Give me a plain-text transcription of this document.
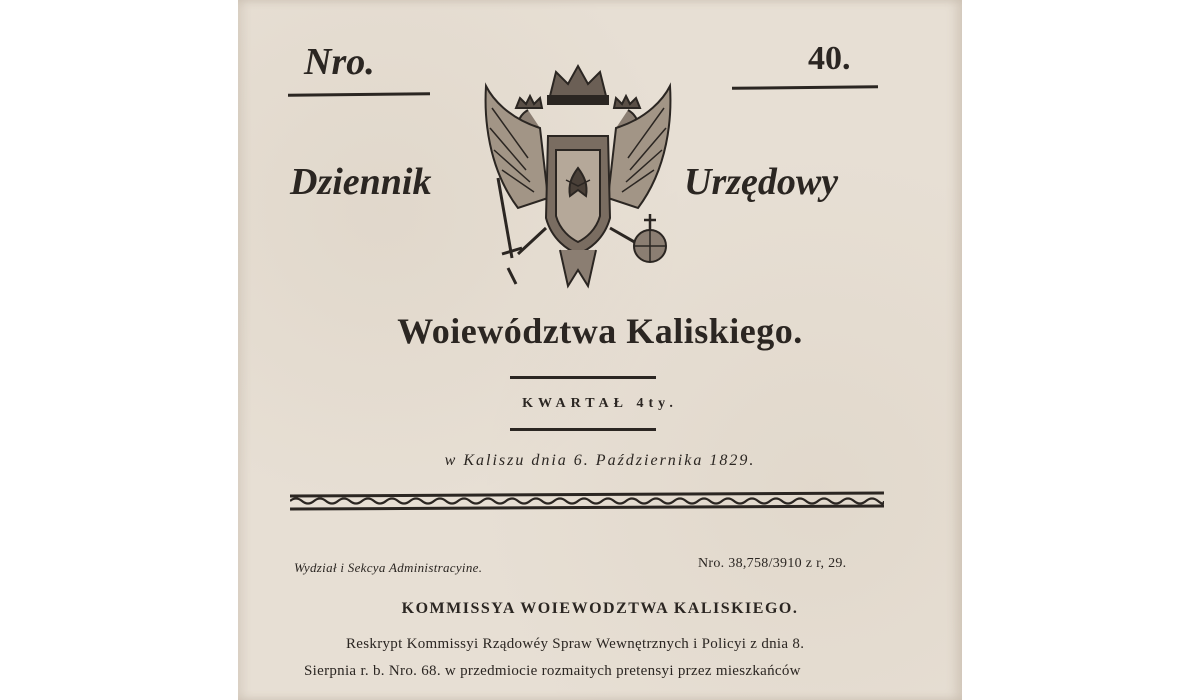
Nro.	40.
Dziennik	Urzędowy
Woiewództwa Kaliskiego.
KWARTAŁ 4ty.
w Kaliszu dnia 6. Października 1829.
Wydział i Sekcya Administracyine.	Nro. 38,758/3910 z r, 29.
KOMMISSYA WOIEWODZTWA KALISKIEGO.
Reskrypt Kommissyi Rządowéy Spraw Wewnętrznych i Policyi z dnia 8.
Sierpnia r. b. Nro. 68. w przedmiocie rozmaitych pretensyi przez mieszkańców
